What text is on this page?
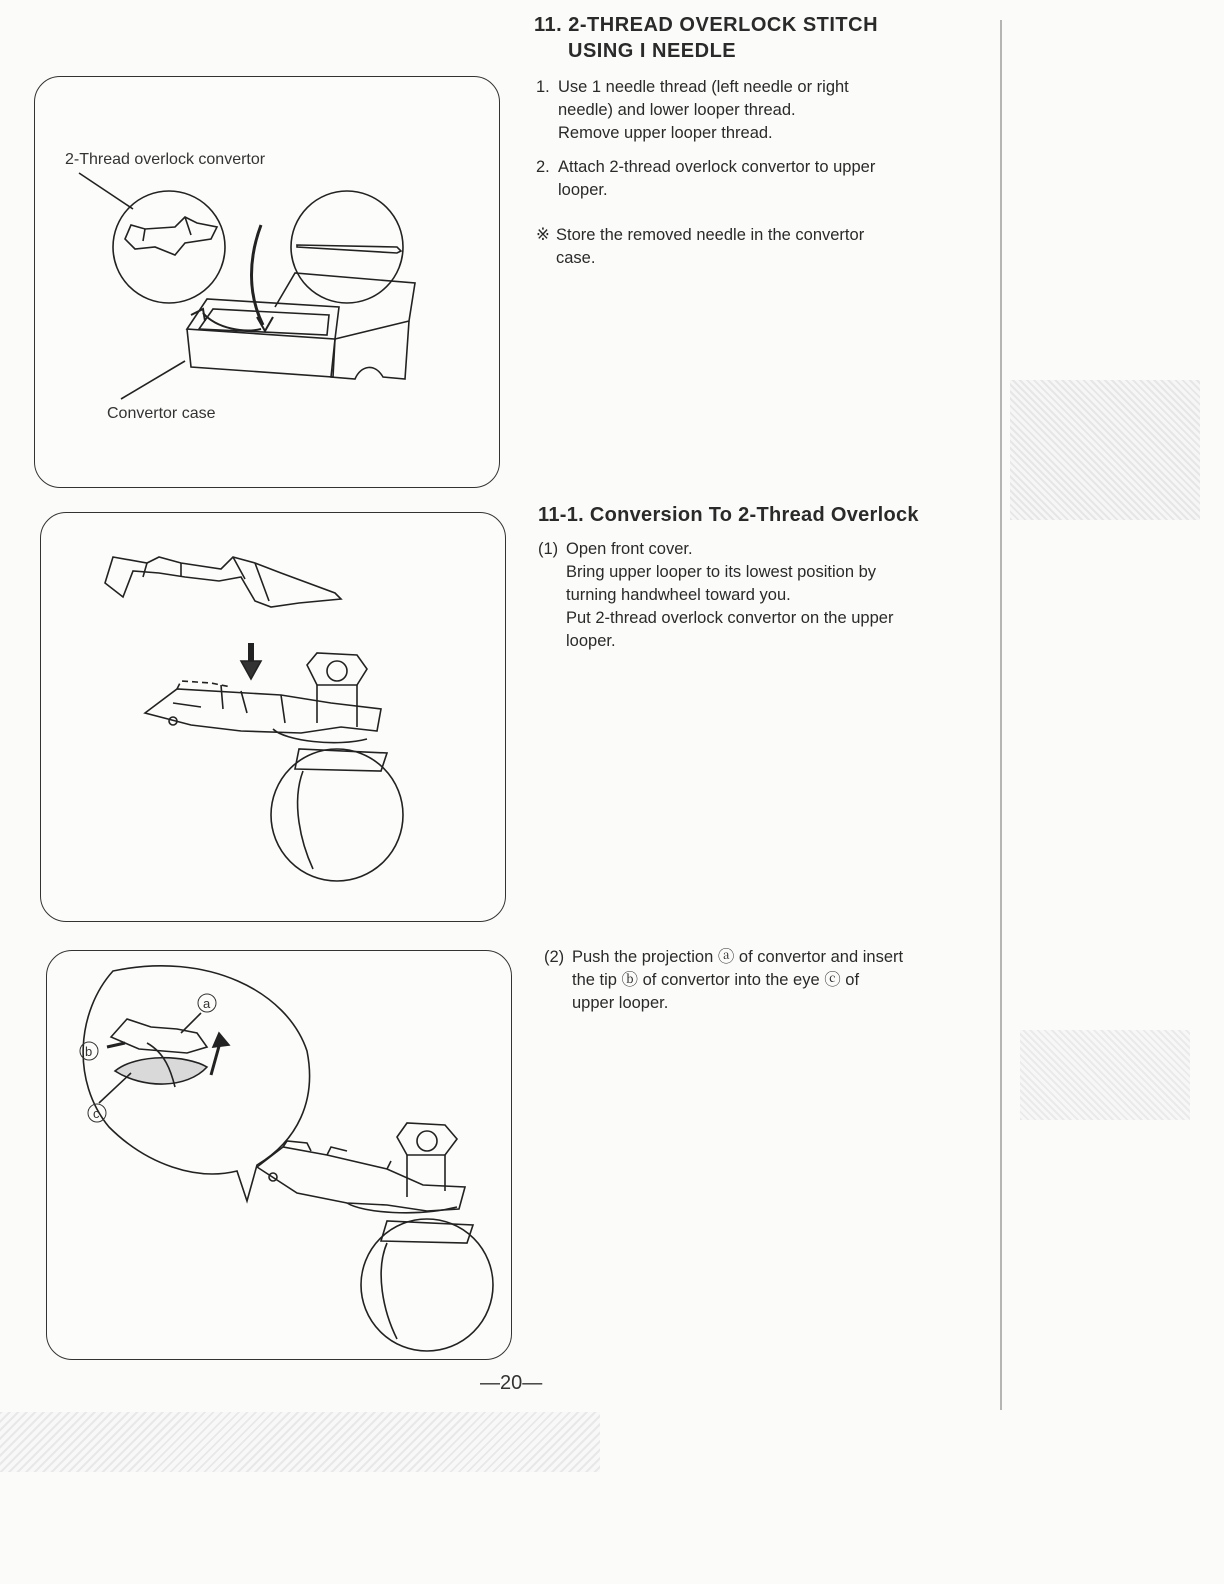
11. 2-THREAD OVERLOCK STITCH
USING I NEEDLE
1. Use 1 needle thread (left needle or right
needle) and lower looper thread.
Remove upper looper thread.
2. Attach 2-thread overlock convertor to upper
looper.
※ Store the removed needle in the convertor
case.
11-1. Conversion To 2-Thread Overlock
(1) Open front cover.
Bring upper looper to its lowest position by
turning handwheel toward you.
Put 2-thread overlock convertor on the upper
looper.
(2) Push the projection ⓐ of convertor and insert
the tip ⓑ of convertor into the eye ⓒ of
upper looper.
2-Thread overlock convertor
Convertor case
a
b
c
—20—
